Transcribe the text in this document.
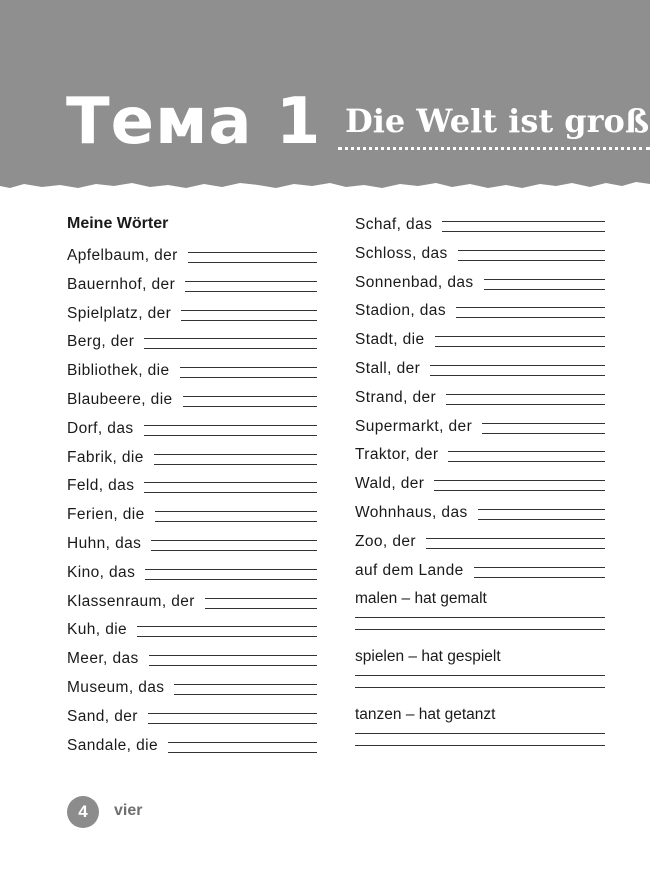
Тема 1 Die Welt ist groß
Meine Wörter
Apfelbaum, der
Bauernhof, der
Spielplatz, der
Berg, der
Bibliothek, die
Blaubeere, die
Dorf, das
Fabrik, die
Feld, das
Ferien, die
Huhn, das
Kino, das
Klassenraum, der
Kuh, die
Meer, das
Museum, das
Sand, der
Sandale, die
Schaf, das
Schloss, das
Sonnenbad, das
Stadion, das
Stadt, die
Stall, der
Strand, der
Supermarkt, der
Traktor, der
Wald, der
Wohnhaus, das
Zoo, der
auf dem Lande
malen – hat gemalt
spielen – hat gespielt
tanzen – hat getanzt
4 vier
